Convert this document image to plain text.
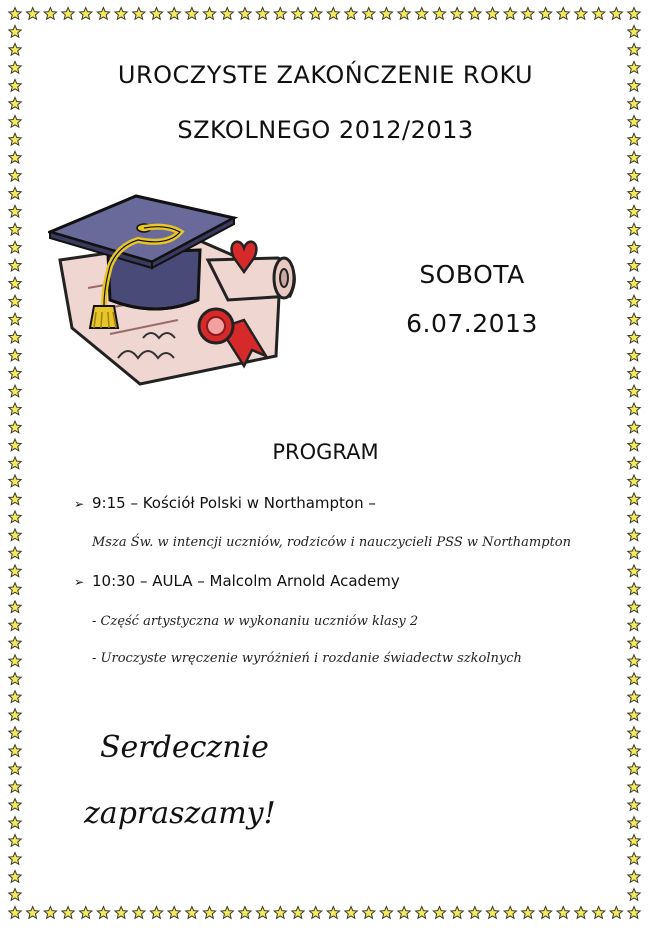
UROCZYSTE ZAKOŃCZENIE ROKU
SZKOLNEGO 2012/2013
SOBOTA
6.07.2013
PROGRAM
➢ 9:15 – Kościół Polski w Northampton –
Msza Św. w intencji uczniów, rodziców i nauczycieli PSS w Northampton
➢ 10:30 – AULA – Malcolm Arnold Academy
- Część artystyczna w wykonaniu uczniów klasy 2
- Uroczyste wręczenie wyróżnień i rozdanie świadectw szkolnych
Serdecznie
zapraszamy!
